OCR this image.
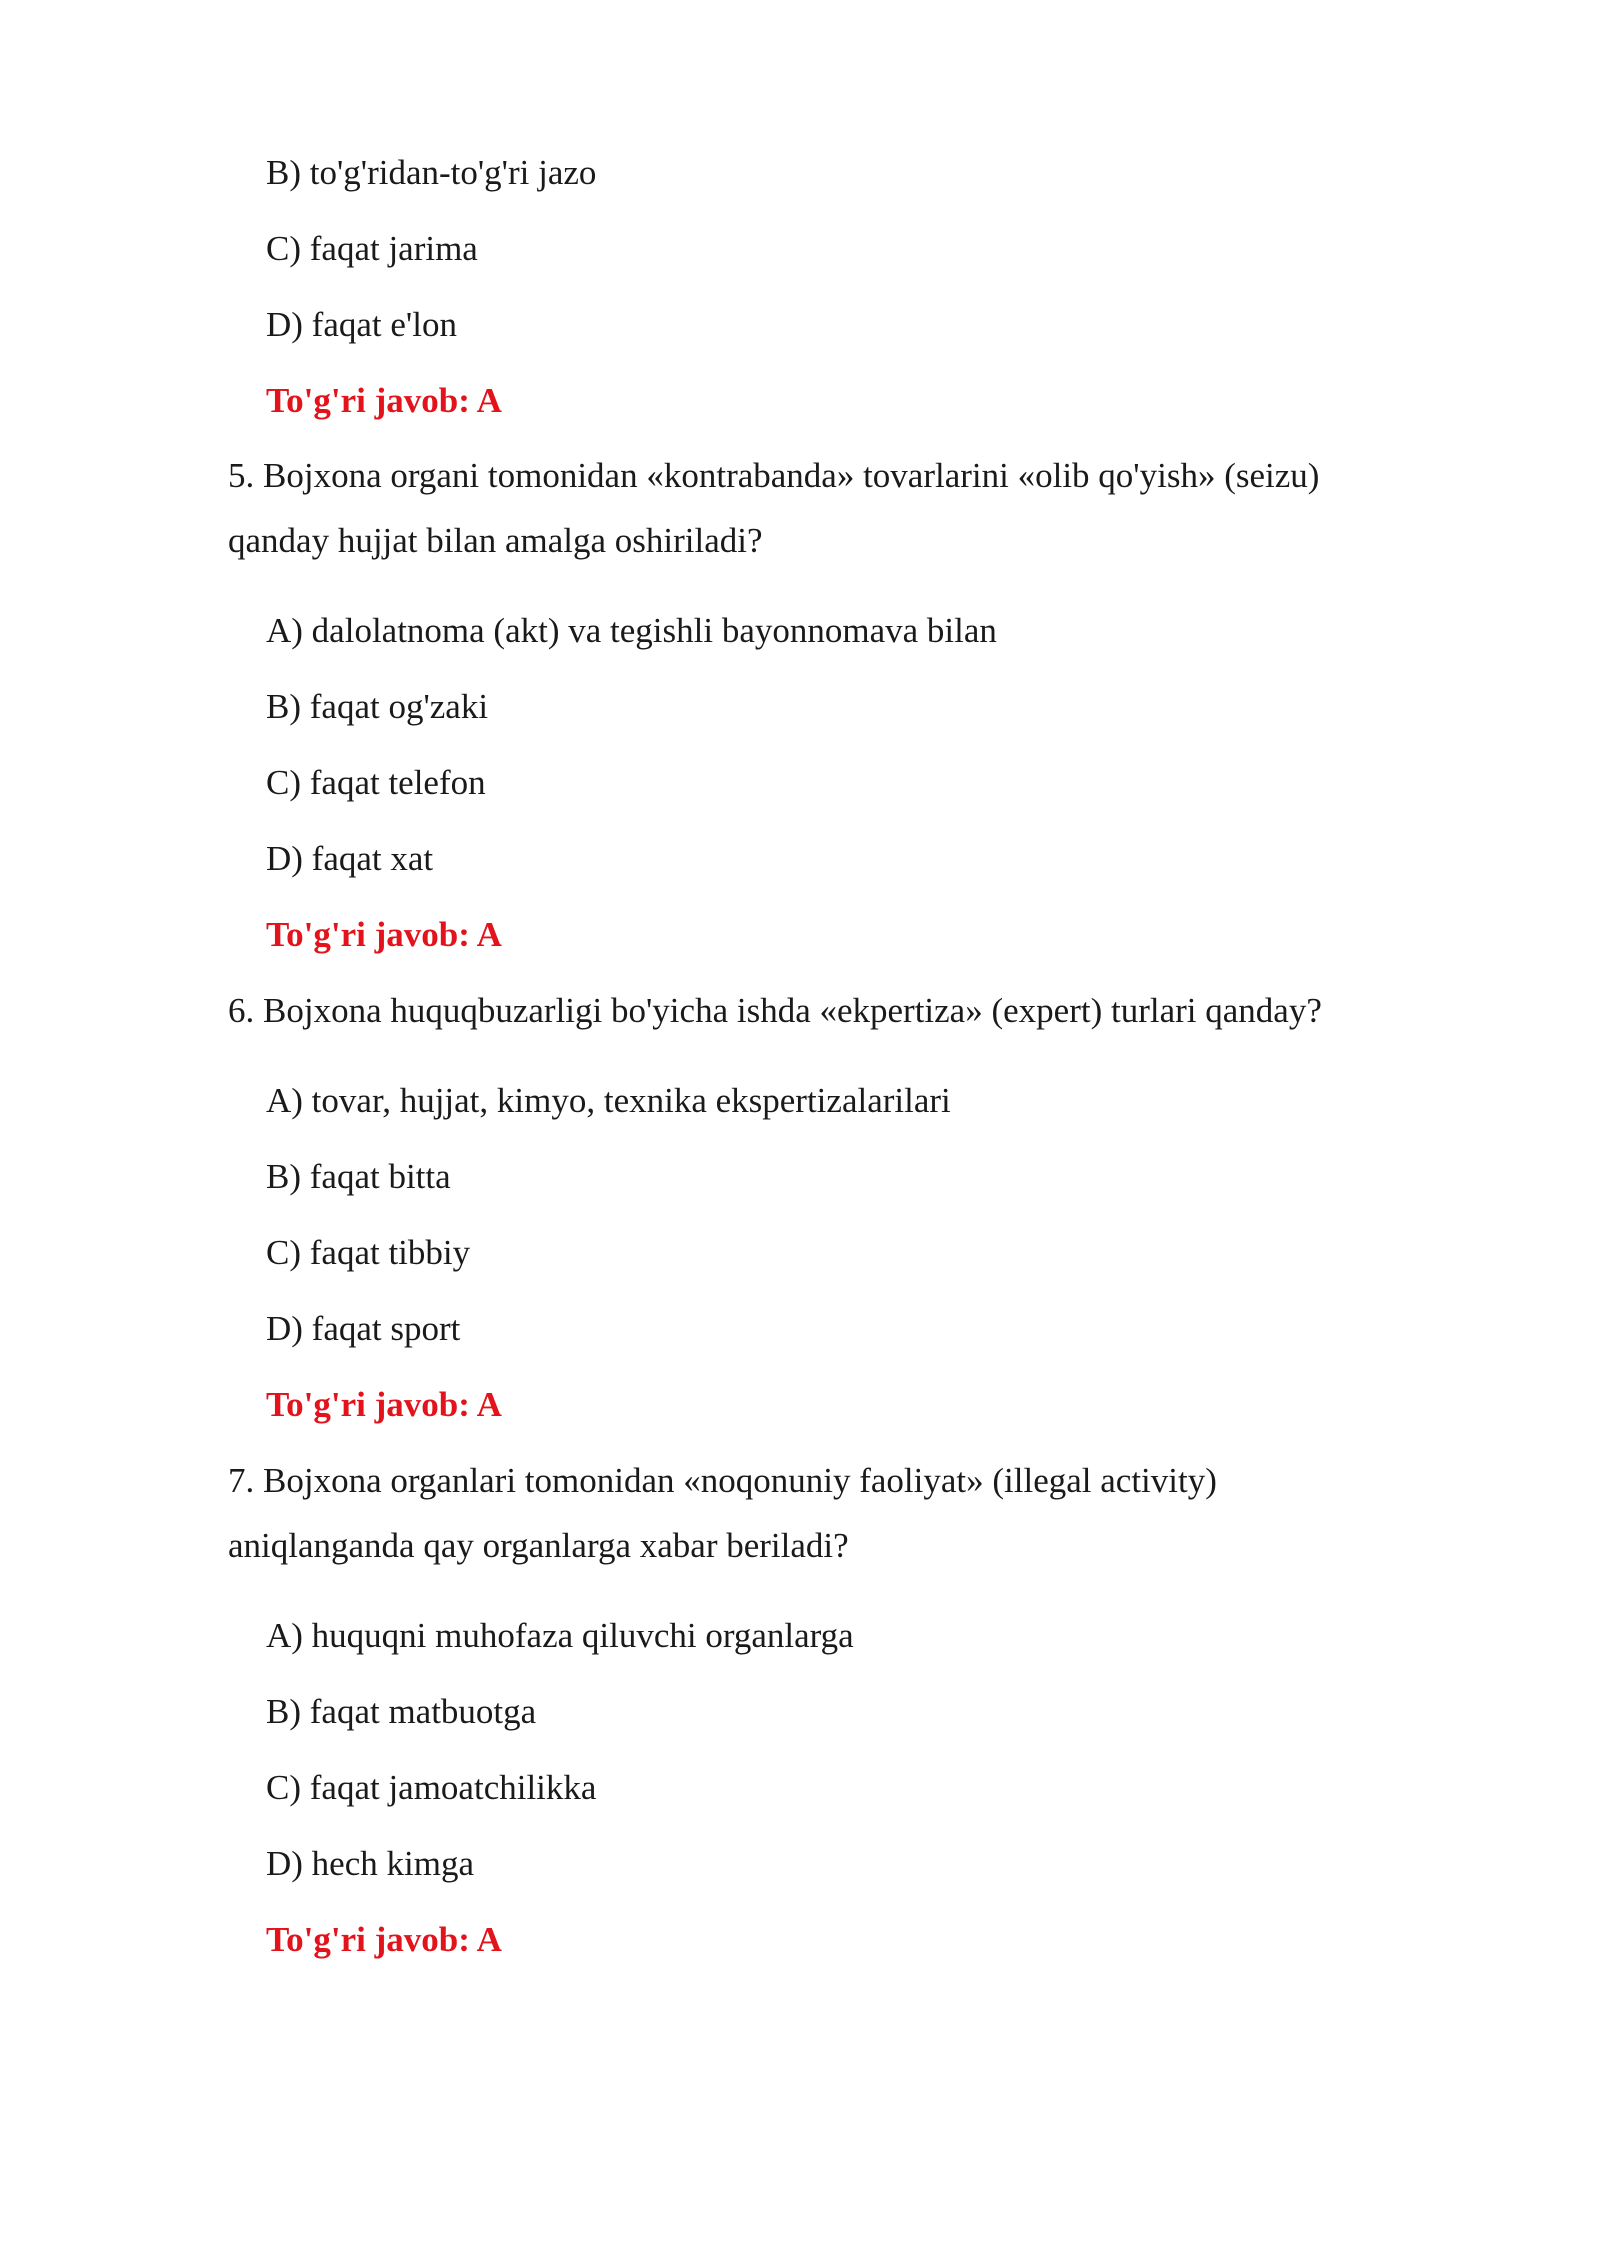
B) to'g'ridan-to'g'ri jazo
C) faqat jarima
D) faqat e'lon
To'g'ri javob: A
5. Bojxona organi tomonidan «kontrabanda» tovarlarini «olib qo'yish» (seizu)
qanday hujjat bilan amalga oshiriladi?
A) dalolatnoma (akt) va tegishli bayonnomava bilan
B) faqat og'zaki
C) faqat telefon
D) faqat xat
To'g'ri javob: A
6. Bojxona huquqbuzarligi bo'yicha ishda «ekpertiza» (expert) turlari qanday?
A) tovar, hujjat, kimyo, texnika ekspertizalarilari
B) faqat bitta
C) faqat tibbiy
D) faqat sport
To'g'ri javob: A
7. Bojxona organlari tomonidan «noqonuniy faoliyat» (illegal activity)
aniqlanganda qay organlarga xabar beriladi?
A) huquqni muhofaza qiluvchi organlarga
B) faqat matbuotga
C) faqat jamoatchilikka
D) hech kimga
To'g'ri javob: A
